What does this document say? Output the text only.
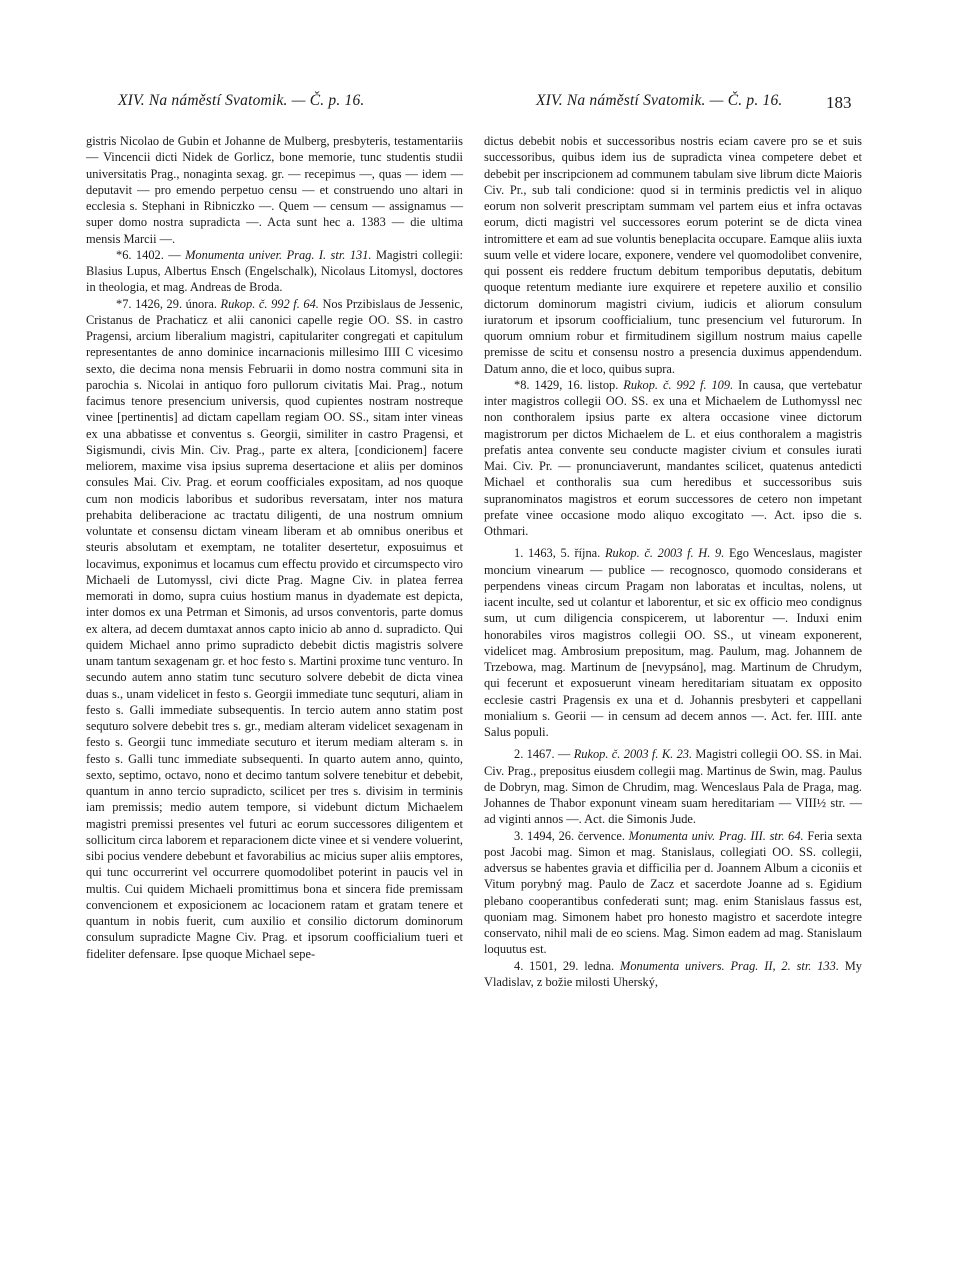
XIV. Na náměstí Svatomik. — Č. p. 16.	XIV. Na náměstí Svatomik. — Č. p. 16.	183

gistris Nicolao de Gubin et Johanne de Mulberg, presbyteris, testamentariis — Vincencii dicti Nidek de Gorlicz, bone memorie, tunc studentis studii universitatis Prag., nonaginta sexag. gr. — recepimus —, quas — idem — deputavit — pro emendo perpetuo censu — et construendo uno altari in ecclesia s. Stephani in Ribniczko —. Quem — censum — assignamus — super domo nostra supradicta —. Acta sunt hec a. 1383 — die ultima mensis Marcii —.

*6. 1402. — Monumenta univer. Prag. I. str. 131. Magistri collegii: Blasius Lupus, Albertus Ensch (Engelschalk), Nicolaus Litomysl, doctores in theologia, et mag. Andreas de Broda.

*7. 1426, 29. února. Rukop. č. 992 f. 64. Nos Przibislaus de Jessenic, Cristanus de Prachaticz et alii canonici capelle regie OO. SS. in castro Pragensi, arcium liberalium magistri, capitulariter congregati et capitulum representantes de anno dominice incarnacionis millesimo IIII C vicesimo sexto, die decima nona mensis Februarii in domo nostra communi sita in parochia s. Nicolai in antiquo foro pullorum civitatis Mai. Prag., notum facimus tenore presencium universis, quod cupientes nostram nostreque vinee [pertinentis] ad dictam capellam regiam OO. SS., sitam inter vineas ex una abbatisse et conventus s. Georgii, similiter in castro Pragensi, et Sigismundi, civis Min. Civ. Prag., parte ex altera, [condicionem] facere meliorem, maxime visa ipsius suprema desertacione et aliis per dominos consules Mai. Civ. Prag. et eorum coofficiales expositam, ad nos quoque cum non modicis laboribus et sudoribus reversatam, inter nos matura prehabita deliberacione ac tractatu diligenti, de una nostrum omnium voluntate et consensu dictam vineam liberam et ab omnibus oneribus et steuris absolutam et exemptam, ne totaliter desertetur, exposuimus et locavimus, exponimus et locamus cum effectu provido et circumspecto viro Michaeli de Lutomyssl, civi dicte Prag. Magne Civ. in platea ferrea memorati in domo, supra cuius hostium manus in dyademate est depicta, inter domos ex una Petrman et Simonis, ad ursos conventoris, parte domus ex altera, ad decem dumtaxat annos capto inicio ab anno d. supradicto. Qui quidem Michael anno primo supradicto debebit dictis magistris solvere unam tantum sexagenam gr. et hoc festo s. Martini proxime tunc venturo. In secundo autem anno statim tunc secuturo solvere debebit de dicta vinea duas s., unam videlicet in festo s. Georgii immediate tunc sequturi, aliam in festo s. Galli immediate subsequentis. In tercio autem anno statim post sequturo solvere debebit tres s. gr., mediam alteram videlicet sexagenam in festo s. Georgii tunc immediate secuturo et iterum mediam alteram s. in festo s. Galli tunc immediate subsequenti. In quarto autem anno, quinto, sexto, septimo, octavo, nono et decimo tantum solvere tenebitur et debebit, quantum in anno tercio supradicto, scilicet per tres s. divisim in terminis iam premissis; medio autem tempore, si videbunt dictum Michaelem magistri premissi presentes vel futuri ac eorum successores diligentem et sollicitum circa laborem et reparacionem dicte vinee et si vendere voluerint, sibi pocius vendere debebunt et favorabilius ac micius super aliis emptores, qui tunc occurrerint vel occurrere quomodolibet poterint in paucis vel in multis. Cui quidem Michaeli promittimus bona et sincera fide premissam convencionem et exposicionem ac locacionem ratam et gratam tenere et quantum in nobis fuerit, cum auxilio et consilio dictorum dominorum consulum supradicte Magne Civ. Prag. et ipsorum coofficialium tueri et fideliter defensare. Ipse quoque Michael sepe-

dictus debebit nobis et successoribus nostris eciam cavere pro se et suis successoribus, quibus idem ius de supradicta vinea competere debet et debebit per inscripcionem ad communem tabulam sive librum dicte Maioris Civ. Pr., sub tali condicione: quod si in terminis predictis vel in aliquo eorum non solverit prescriptam summam vel partem eius et infra octavas eorum, dicti magistri vel successores eorum poterint se de dicta vinea intromittere et eam ad sue voluntis beneplacita occupare. Eamque aliis iuxta suum velle et videre locare, exponere, vendere vel quomodolibet convenire, qui possent eis reddere fructum debitum temporibus deputatis, debitum quoque retentum mediante iure exquirere et repetere auxilio et consilio dictorum dominorum magistri civium, iudicis et aliorum consulum iuratorum et ipsorum coofficialium, tunc presencium vel futurorum. In quorum omnium robur et firmitudinem sigillum nostrum maius capelle premisse de scitu et consensu nostro a presencia duximus appendendum. Datum anno, die et loco, quibus supra.

*8. 1429, 16. listop. Rukop. č. 992 f. 109. In causa, que vertebatur inter magistros collegii OO. SS. ex una et Michaelem de Luthomyssl nec non conthoralem ipsius parte ex altera occasione vinee dictorum magistrorum per dictos Michaelem de L. et eius conthoralem a magistris prefatis antea convente seu conducte magister civium et consules iurati Mai. Civ. Pr. — pronunciaverunt, mandantes scilicet, quatenus antedicti Michael et conthoralis sua cum heredibus et successoribus suis supranominatos magistros et eorum successores de cetero non impetant prefate vinee occasione modo aliquo excogitato —. Act. ipso die s. Othmari.

1. 1463, 5. října. Rukop. č. 2003 f. H. 9. Ego Wenceslaus, magister moncium vinearum — publice — recognosco, quomodo considerans et perpendens vineas circum Pragam non laboratas et incultas, nolens, ut iacent inculte, sed ut colantur et laborentur, et sic ex officio meo condignus sum, ut cum diligencia conspicerem, ut laborentur —. Induxi enim honorabiles viros magistros collegii OO. SS., ut vineam exponerent, videlicet mag. Ambrosium prepositum, mag. Paulum, mag. Johannem de Trzebowa, mag. Martinum de [nevypsáno], mag. Martinum de Chrudym, qui fecerunt et exposuerunt vineam hereditariam situatam ex opposito ecclesie castri Pragensis ex una et d. Johannis presbyteri et cappellani monialium s. Georii — in censum ad decem annos —. Act. fer. IIII. ante Salus populi.

2. 1467. — Rukop. č. 2003 f. K. 23. Magistri collegii OO. SS. in Mai. Civ. Prag., prepositus eiusdem collegii mag. Martinus de Swin, mag. Paulus de Dobryn, mag. Simon de Chrudim, mag. Wenceslaus Pala de Praga, mag. Johannes de Thabor exponunt vineam suam hereditariam — VIII½ str. — ad viginti annos —. Act. die Simonis Jude.

3. 1494, 26. července. Monumenta univ. Prag. III. str. 64. Feria sexta post Jacobi mag. Simon et mag. Stanislaus, collegiati OO. SS. collegii, adversus se habentes gravia et difficilia per d. Joannem Album a ciconiis et Vitum porybný mag. Paulo de Zacz et sacerdote Joanne ad s. Egidium plebano cooperantibus confederati sunt; mag. enim Stanislaus fassus est, quoniam mag. Simonem habet pro honesto magistro et sacerdote integre conservato, nihil mali de eo sciens. Mag. Simon eadem ad mag. Stanislaum loquutus est.

4. 1501, 29. ledna. Monumenta univers. Prag. II, 2. str. 133. My Vladislav, z božie milosti Uherský,
